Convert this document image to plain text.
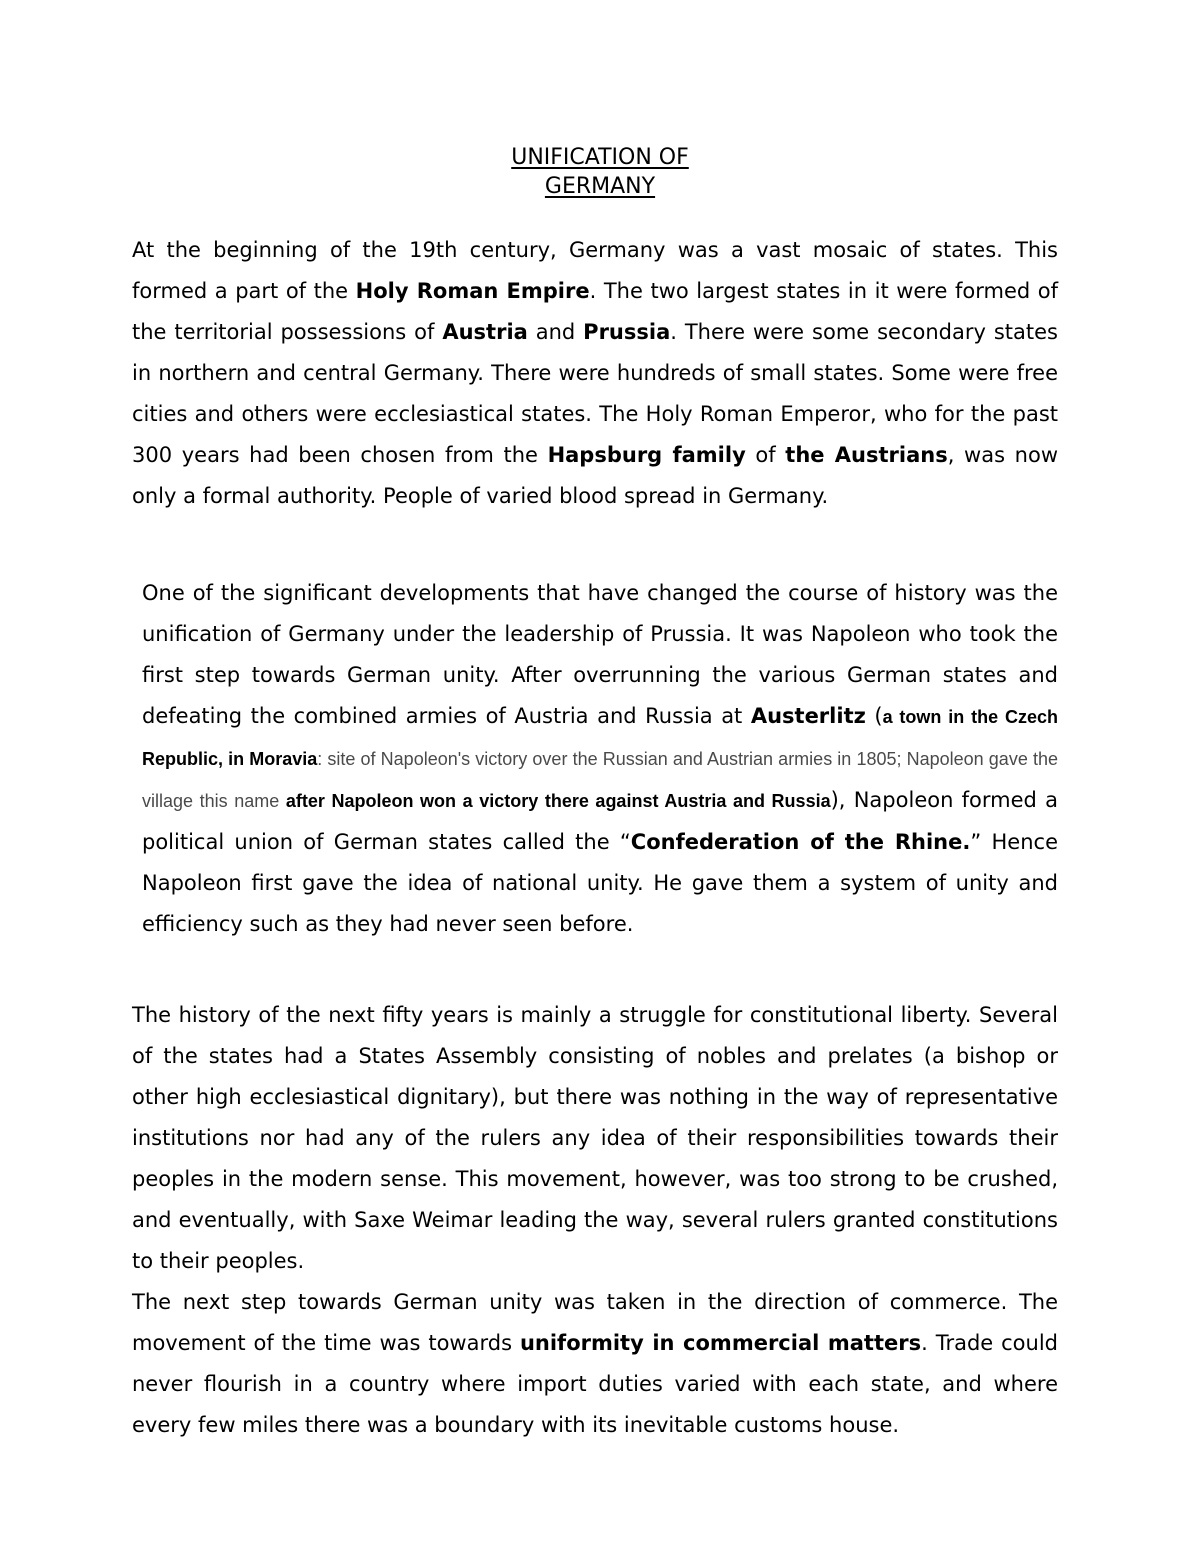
UNIFICATION OF
GERMANY

At the beginning of the 19th century, Germany was a vast mosaic of states. This formed a part of the Holy Roman Empire. The two largest states in it were formed of the territorial possessions of Austria and Prussia. There were some secondary states in northern and central Germany. There were hundreds of small states. Some were free cities and others were ecclesiastical states. The Holy Roman Emperor, who for the past 300 years had been chosen from the Hapsburg family of the Austrians, was now only a formal authority. People of varied blood spread in Germany.

One of the significant developments that have changed the course of history was the unification of Germany under the leadership of Prussia. It was Napoleon who took the first step towards German unity. After overrunning the various German states and defeating the combined armies of Austria and Russia at Austerlitz (a town in the Czech Republic, in Moravia: site of Napoleon's victory over the Russian and Austrian armies in 1805; Napoleon gave the village this name after Napoleon won a victory there against Austria and Russia), Napoleon formed a political union of German states called the “Confederation of the Rhine.” Hence Napoleon first gave the idea of national unity. He gave them a system of unity and efficiency such as they had never seen before.

The history of the next fifty years is mainly a struggle for constitutional liberty. Several of the states had a States Assembly consisting of nobles and prelates (a bishop or other high ecclesiastical dignitary), but there was nothing in the way of representative institutions nor had any of the rulers any idea of their responsibilities towards their peoples in the modern sense. This movement, however, was too strong to be crushed, and eventually, with Saxe Weimar leading the way, several rulers granted constitutions to their peoples.

The next step towards German unity was taken in the direction of commerce. The movement of the time was towards uniformity in commercial matters. Trade could never flourish in a country where import duties varied with each state, and where every few miles there was a boundary with its inevitable customs house.
